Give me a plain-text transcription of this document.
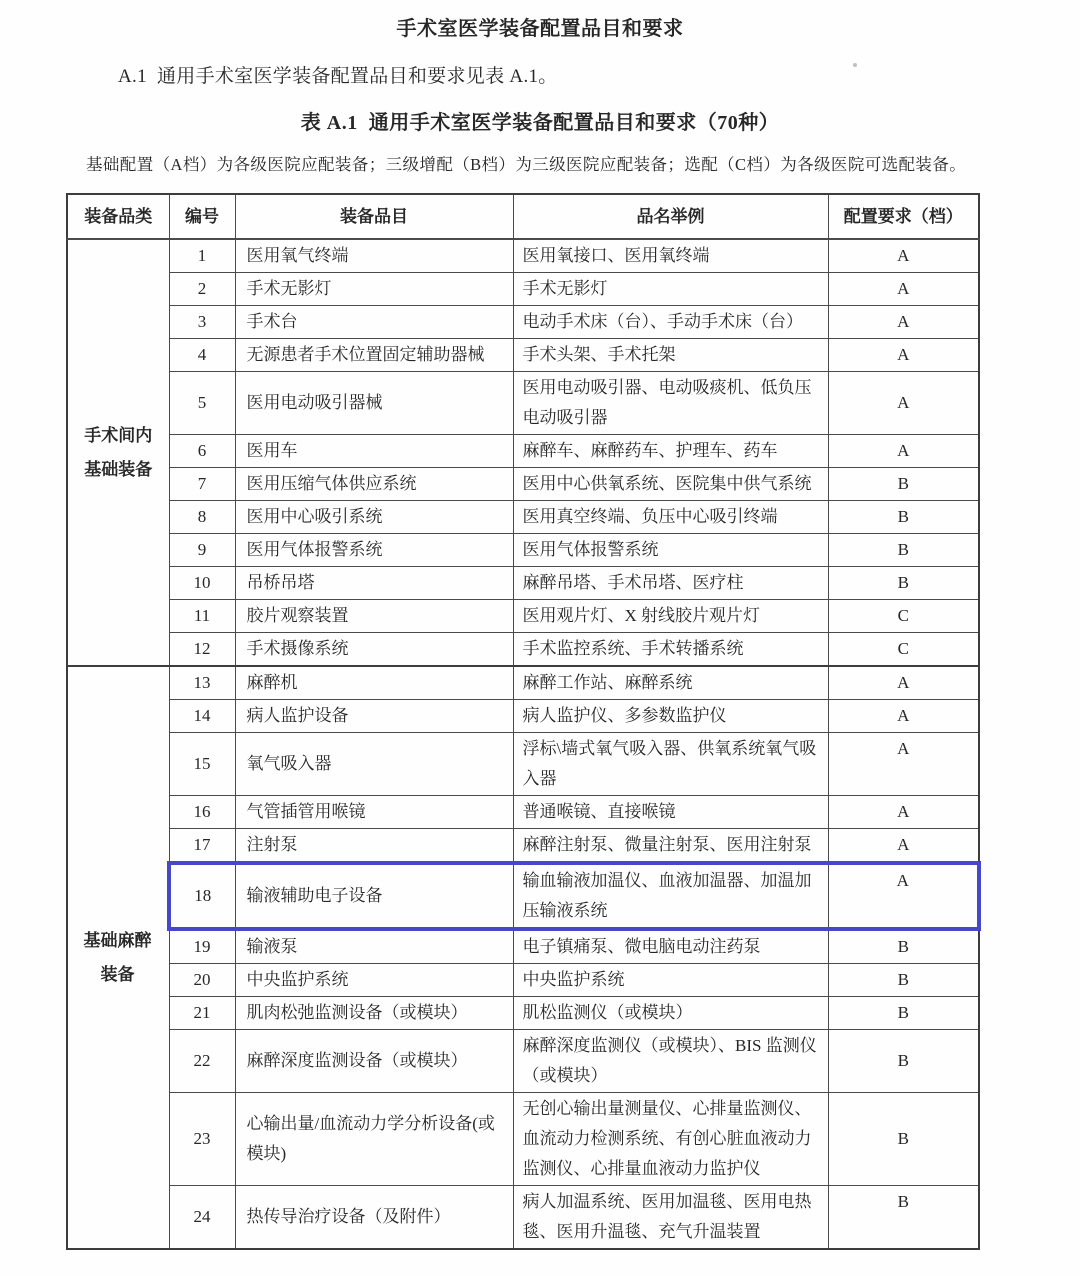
手术室医学装备配置品目和要求
A.1  通用手术室医学装备配置品目和要求见表 A.1。
表 A.1  通用手术室医学装备配置品目和要求（70种）
基础配置（A档）为各级医院应配装备；三级增配（B档）为三级医院应配装备；选配（C档）为各级医院可选配装备。
装备品类	编号	装备品目	品名举例	配置要求（档）

手术间内
基础装备	1	医用氧气终端	医用氧接口、医用氧终端	A
	2	手术无影灯	手术无影灯	A
	3	手术台	电动手术床（台）、手动手术床（台）	A
	4	无源患者手术位置固定辅助器械	手术头架、手术托架	A
	5	医用电动吸引器械	医用电动吸引器、电动吸痰机、低负压电动吸引器	A
	6	医用车	麻醉车、麻醉药车、护理车、药车	A
	7	医用压缩气体供应系统	医用中心供氧系统、医院集中供气系统	B
	8	医用中心吸引系统	医用真空终端、负压中心吸引终端	B
	9	医用气体报警系统	医用气体报警系统	B
	10	吊桥吊塔	麻醉吊塔、手术吊塔、医疗柱	B
	11	胶片观察装置	医用观片灯、X 射线胶片观片灯	C
	12	手术摄像系统	手术监控系统、手术转播系统	C

基础麻醉
装备	13	麻醉机	麻醉工作站、麻醉系统	A
	14	病人监护设备	病人监护仪、多参数监护仪	A
	15	氧气吸入器	浮标\墙式氧气吸入器、供氧系统氧气吸入器	A
	16	气管插管用喉镜	普通喉镜、直接喉镜	A
	17	注射泵	麻醉注射泵、微量注射泵、医用注射泵	A
	18	输液辅助电子设备	输血输液加温仪、血液加温器、加温加压输液系统	A
	19	输液泵	电子镇痛泵、微电脑电动注药泵	B
	20	中央监护系统	中央监护系统	B
	21	肌肉松弛监测设备（或模块）	肌松监测仪（或模块）	B
	22	麻醉深度监测设备（或模块）	麻醉深度监测仪（或模块）、BIS 监测仪（或模块）	B
	23	心输出量/血流动力学分析设备(或模块)	无创心输出量测量仪、心排量监测仪、血流动力检测系统、有创心脏血液动力监测仪、心排量血液动力监护仪	B
	24	热传导治疗设备（及附件）	病人加温系统、医用加温毯、医用电热毯、医用升温毯、充气升温装置	B
